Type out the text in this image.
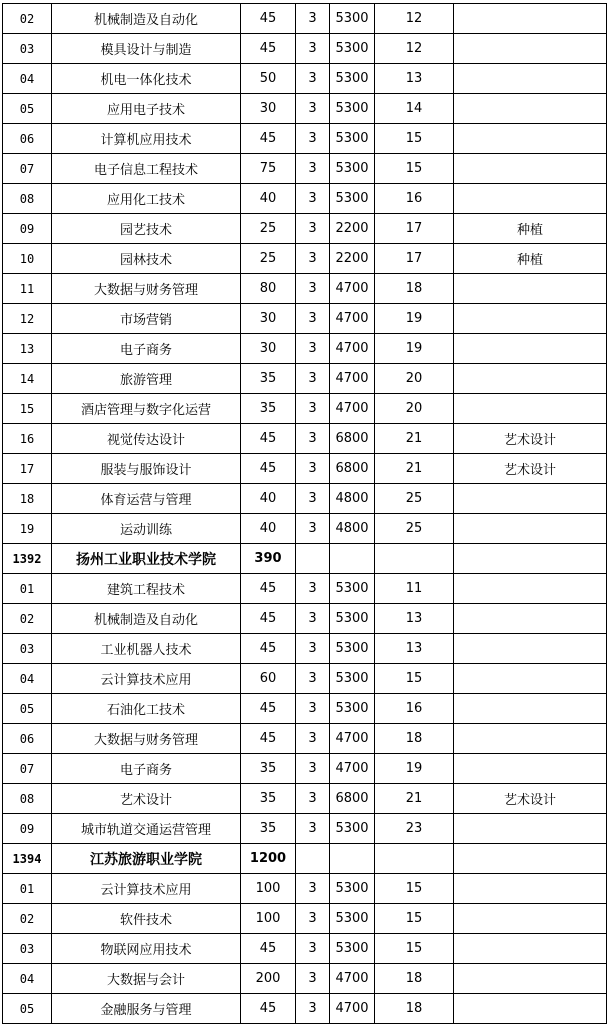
02	机械制造及自动化	45	3	5300	12	
03	模具设计与制造	45	3	5300	12	
04	机电一体化技术	50	3	5300	13	
05	应用电子技术	30	3	5300	14	
06	计算机应用技术	45	3	5300	15	
07	电子信息工程技术	75	3	5300	15	
08	应用化工技术	40	3	5300	16	
09	园艺技术	25	3	2200	17	种植
10	园林技术	25	3	2200	17	种植
11	大数据与财务管理	80	3	4700	18	
12	市场营销	30	3	4700	19	
13	电子商务	30	3	4700	19	
14	旅游管理	35	3	4700	20	
15	酒店管理与数字化运营	35	3	4700	20	
16	视觉传达设计	45	3	6800	21	艺术设计
17	服装与服饰设计	45	3	6800	21	艺术设计
18	体育运营与管理	40	3	4800	25	
19	运动训练	40	3	4800	25	
1392	扬州工业职业技术学院	390				
01	建筑工程技术	45	3	5300	11	
02	机械制造及自动化	45	3	5300	13	
03	工业机器人技术	45	3	5300	13	
04	云计算技术应用	60	3	5300	15	
05	石油化工技术	45	3	5300	16	
06	大数据与财务管理	45	3	4700	18	
07	电子商务	35	3	4700	19	
08	艺术设计	35	3	6800	21	艺术设计
09	城市轨道交通运营管理	35	3	5300	23	
1394	江苏旅游职业学院	1200				
01	云计算技术应用	100	3	5300	15	
02	软件技术	100	3	5300	15	
03	物联网应用技术	45	3	5300	15	
04	大数据与会计	200	3	4700	18	
05	金融服务与管理	45	3	4700	18	
